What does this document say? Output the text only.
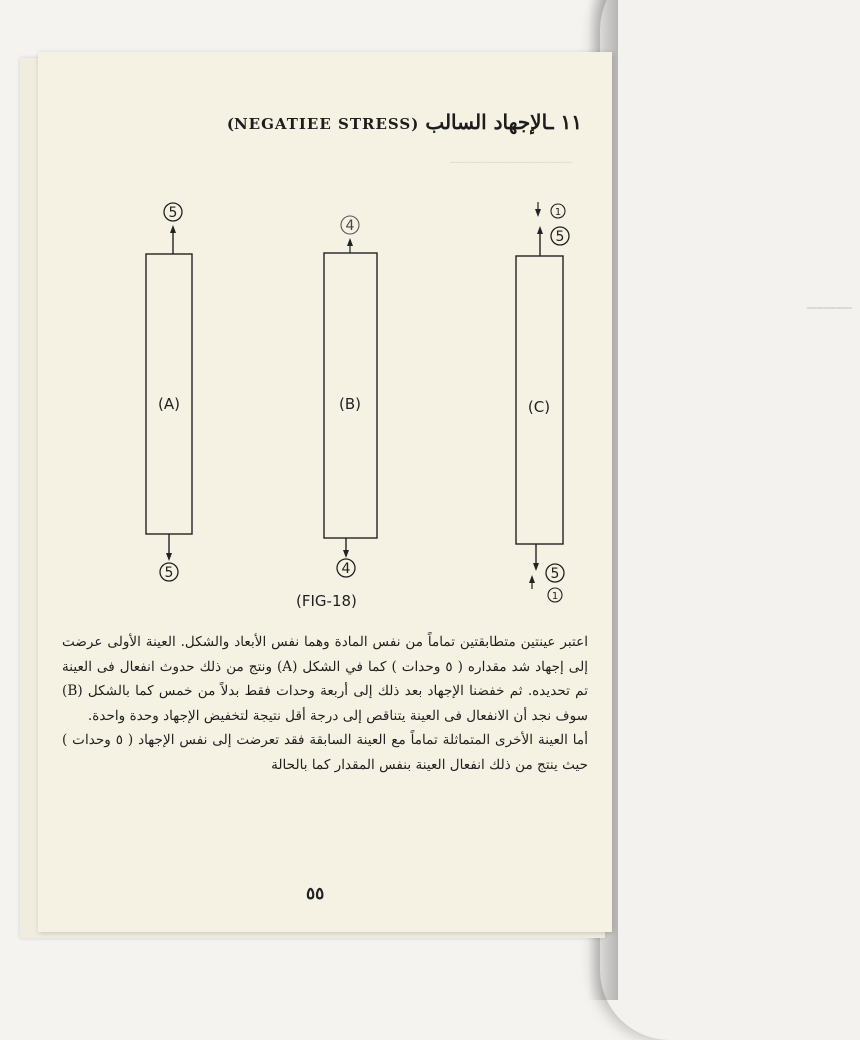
ـــــــ
ــــــــــــــــــــــــــــــــ
١١ ـالإجهاد السالب (NEGATIEE STRESS)
5
(A)
5
4
(B)
4
1
5
(C)
5
1
(FIG-18)

اعتبر عينتين متطابقتين تماماً من نفس المادة وهما نفس الأبعاد والشكل. العينة الأولى عرضت إلى إجهاد شد مقداره ( ٥ وحدات ) كما في الشكل (A) ونتج من ذلك حدوث انفعال فى العينة تم تحديده. ثم خفضنا الإجهاد بعد ذلك إلى أربعة وحدات فقط بدلاً من خمس كما بالشكل (B) سوف نجد أن الانفعال فى العينة يتناقص إلى درجة أقل نتيجة لتخفيض الإجهاد وحدة واحدة.

أما العينة الأخرى المتماثلة تماماً مع العينة السابقة فقد تعرضت إلى نفس الإجهاد ( ٥ وحدات ) حيث ينتج من ذلك انفعال العينة بنفس المقدار كما بالحالة

٥٥
